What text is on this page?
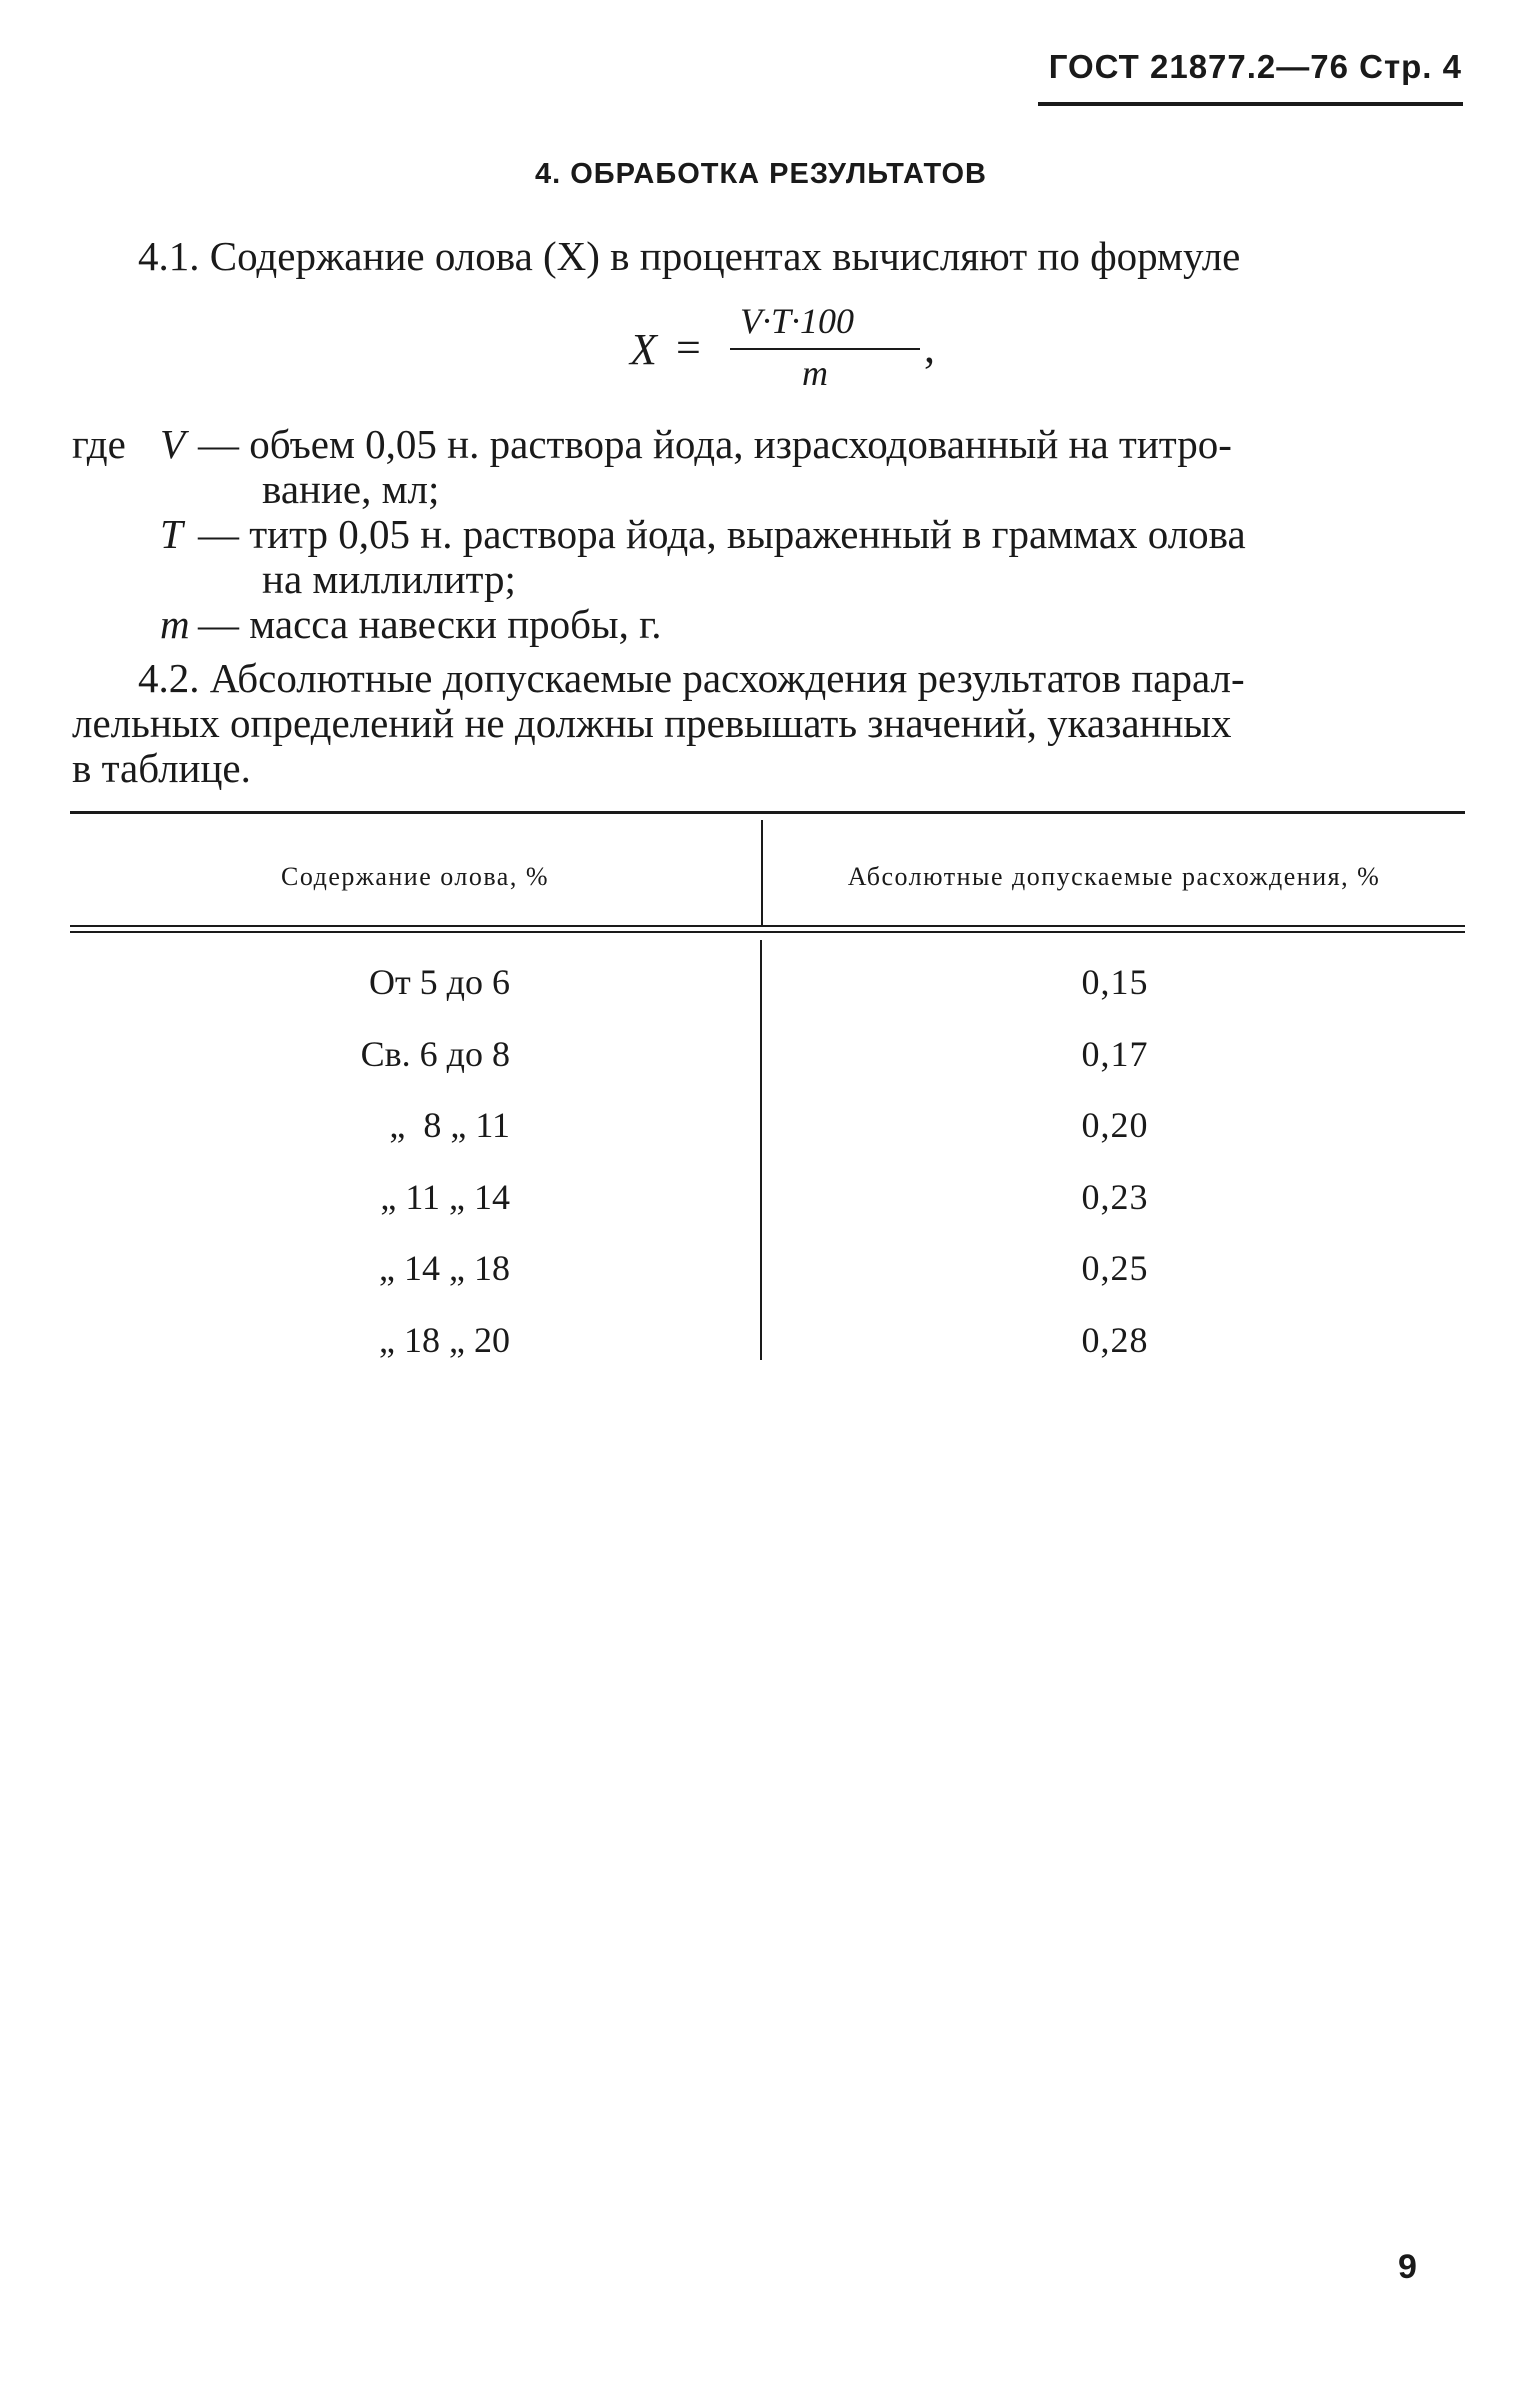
ГОСТ 21877.2—76 Стр. 4
4. ОБРАБОТКА РЕЗУЛЬТАТОВ
4.1. Содержание олова (X) в процентах вычисляют по формуле
X =
V·T·100
m
,
где V — объем 0,05 н. раствора йода, израсходованный на титро-
вание, мл;
T — титр 0,05 н. раствора йода, выраженный в граммах олова
на миллилитр;
m — масса навески пробы, г.
4.2. Абсолютные допускаемые расхождения результатов парал-
лельных определений не должны превышать значений, указанных
в таблице.
Содержание олова, %	Абсолютные допускаемые расхождения, %
От 5 до 6	0,15
Св. 6 до 8	0,17
„  8 „ 11	0,20
„ 11 „ 14	0,23
„ 14 „ 18	0,25
„ 18 „ 20	0,28
9
